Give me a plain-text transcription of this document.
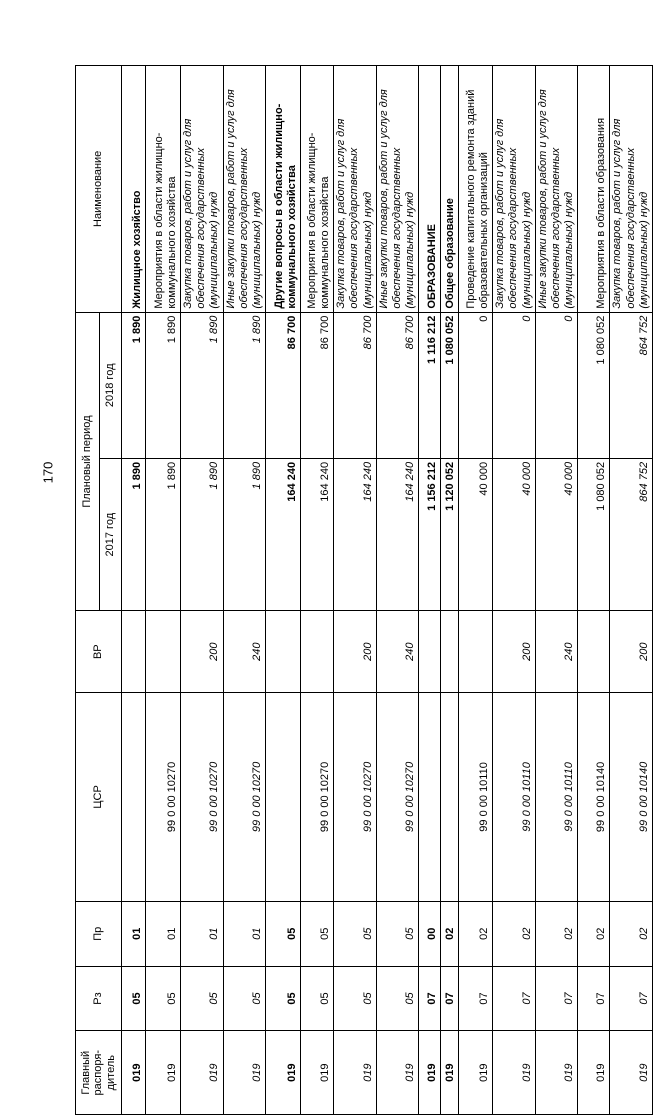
170
Главный распоря-дитель	Рз	Пр	ЦСР	ВР	Плановый период		Наименование
					2017 год	2018 год	
019	05	01			1 890	1 890	Жилищное хозяйство
019	05	01	99 0 00 10270		1 890	1 890	Мероприятия в области жилищно-коммунального хозяйства
019	05	01	99 0 00 10270	200	1 890	1 890	Закупка товаров, работ и услуг для обеспечения государственных (муниципальных) нужд
019	05	01	99 0 00 10270	240	1 890	1 890	Иные закупки товаров, работ и услуг для обеспечения государственных (муниципальных) нужд
019	05	05			164 240	86 700	Другие вопросы в области жилищно-коммунального хозяйства
019	05	05	99 0 00 10270		164 240	86 700	Мероприятия в области жилищно-коммунального хозяйства
019	05	05	99 0 00 10270	200	164 240	86 700	Закупка товаров, работ и услуг для обеспечения государственных (муниципальных) нужд
019	05	05	99 0 00 10270	240	164 240	86 700	Иные закупки товаров, работ и услуг для обеспечения государственных (муниципальных) нужд
019	07	00			1 156 212	1 116 212	ОБРАЗОВАНИЕ
019	07	02			1 120 052	1 080 052	Общее образование
019	07	02	99 0 00 10110		40 000	0	Проведение капитального ремонта зданий образовательных организаций
019	07	02	99 0 00 10110	200	40 000	0	Закупка товаров, работ и услуг для обеспечения государственных (муниципальных) нужд
019	07	02	99 0 00 10110	240	40 000	0	Иные закупки товаров, работ и услуг для обеспечения государственных (муниципальных) нужд
019	07	02	99 0 00 10140		1 080 052	1 080 052	Мероприятия в области образования
019	07	02	99 0 00 10140	200	864 752	864 752	Закупка товаров, работ и услуг для обеспечения государственных (муниципальных) нужд
